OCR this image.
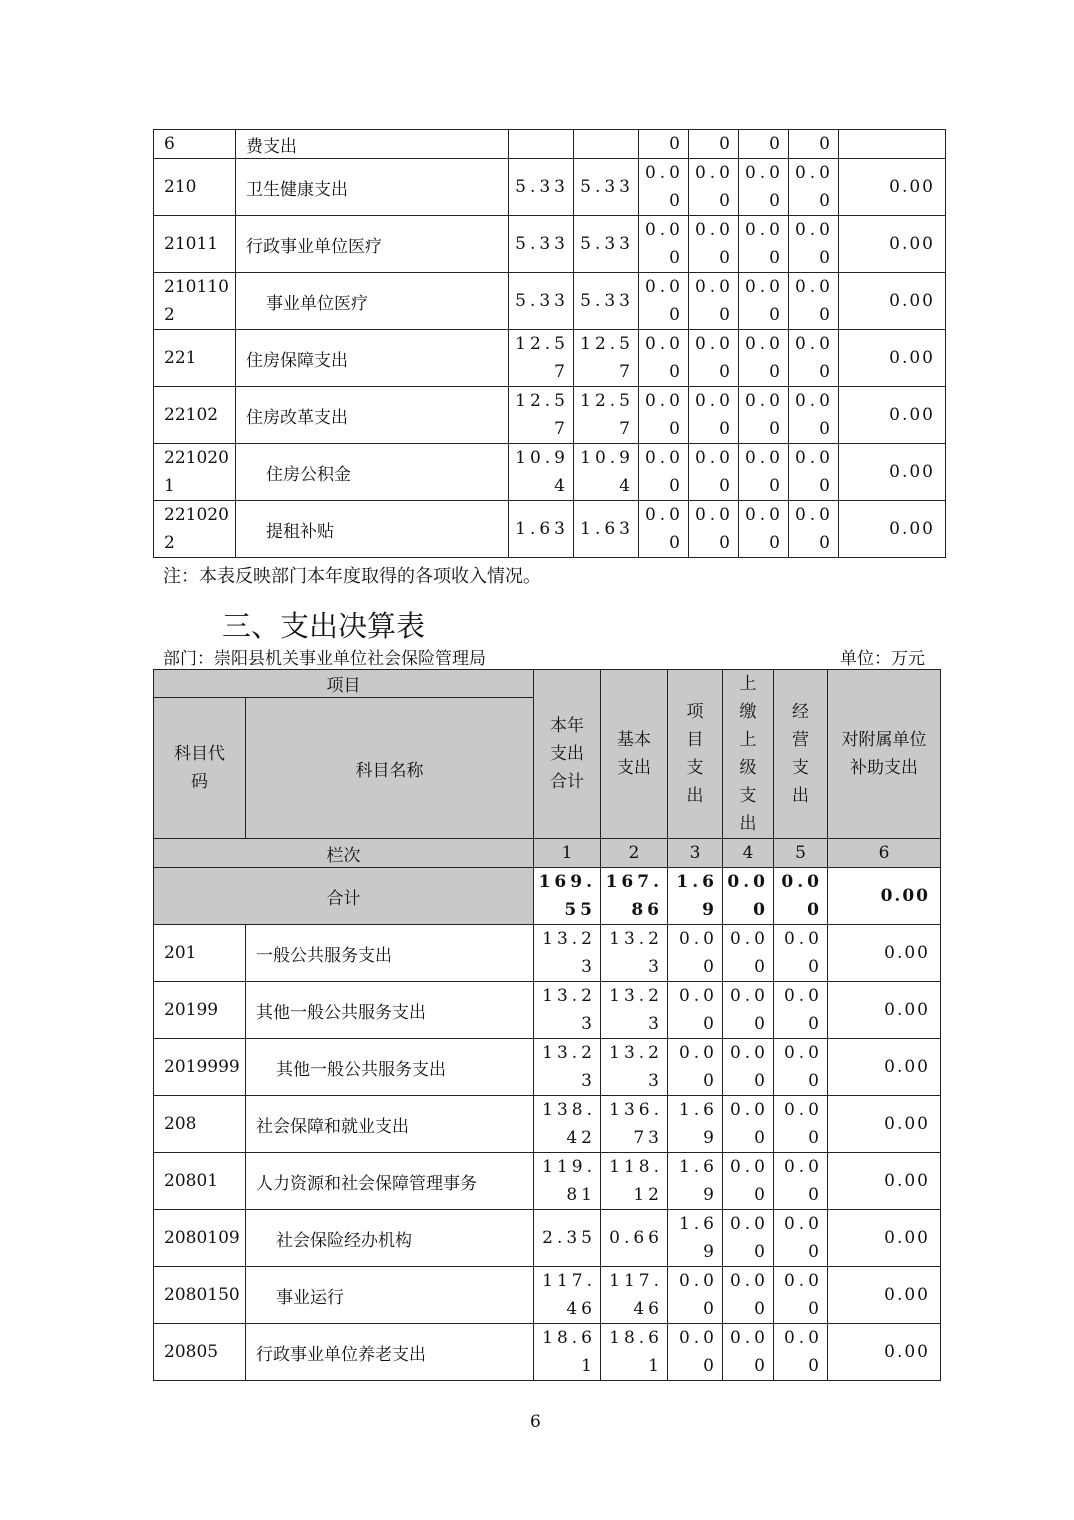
6	费支出			0	0	0	0	
210	卫生健康支出	5.33	5.33	0.00	0.00	0.00	0.00	0.00
21011	行政事业单位医疗	5.33	5.33	0.00	0.00	0.00	0.00	0.00
2101102	事业单位医疗	5.33	5.33	0.00	0.00	0.00	0.00	0.00
221	住房保障支出	12.57	12.57	0.00	0.00	0.00	0.00	0.00
22102	住房改革支出	12.57	12.57	0.00	0.00	0.00	0.00	0.00
2210201	住房公积金	10.94	10.94	0.00	0.00	0.00	0.00	0.00
2210202	提租补贴	1.63	1.63	0.00	0.00	0.00	0.00	0.00
注：本表反映部门本年度取得的各项收入情况。
三、支出决算表
部门：崇阳县机关事业单位社会保险管理局	单位：万元
项目		本年支出合计	基本支出	项目支出	上缴上级支出	经营支出	对附属单位补助支出
科目代码	科目名称						
栏次		1	2	3	4	5	6
合计		169.55	167.86	1.69	0.00	0.00	0.00
201	一般公共服务支出	13.23	13.23	0.00	0.00	0.00	0.00
20199	其他一般公共服务支出	13.23	13.23	0.00	0.00	0.00	0.00
2019999	其他一般公共服务支出	13.23	13.23	0.00	0.00	0.00	0.00
208	社会保障和就业支出	138.42	136.73	1.69	0.00	0.00	0.00
20801	人力资源和社会保障管理事务	119.81	118.12	1.69	0.00	0.00	0.00
2080109	社会保险经办机构	2.35	0.66	1.69	0.00	0.00	0.00
2080150	事业运行	117.46	117.46	0.00	0.00	0.00	0.00
20805	行政事业单位养老支出	18.61	18.61	0.00	0.00	0.00	0.00
6
